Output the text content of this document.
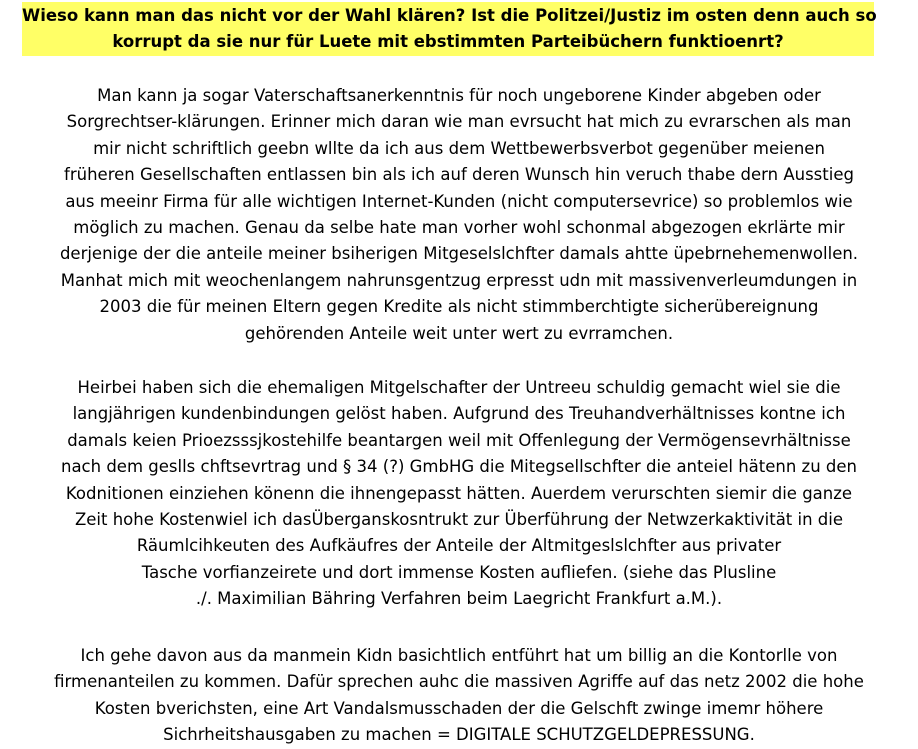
Wieso kann man das nicht vor der Wahl klären? Ist die Politzei/Justiz im osten denn auch so
korrupt da sie nur für Luete mit ebstimmten Parteibüchern funktioenrt?

Man kann ja sogar Vaterschaftsanerkenntnis für noch ungeborene Kinder abgeben oder
Sorgrechtser-klärungen. Erinner mich daran wie man evrsucht hat mich zu evrarschen als man
mir nicht schriftlich geebn wllte da ich aus dem Wettbewerbsverbot gegenüber meienen
früheren Gesellschaften entlassen bin als ich auf deren Wunsch hin veruch thabe dern Ausstieg
aus meeinr Firma für alle wichtigen Internet-Kunden (nicht computersevrice) so problemlos wie
möglich zu machen. Genau da selbe hate man vorher wohl schonmal abgezogen ekrlärte mir
derjenige der die anteile meiner bsiherigen Mitgeselslchfter damals ahtte üpebrnehemenwollen.
Manhat mich mit weochenlangem nahrunsgentzug erpresst udn mit massivenverleumdungen in
2003 die für meinen Eltern gegen Kredite als nicht stimmberchtigte sicherübereignung
gehörenden Anteile weit unter wert zu evrramchen.

Heirbei haben sich die ehemaligen Mitgelschafter der Untreeu schuldig gemacht wiel sie die
langjährigen kundenbindungen gelöst haben. Aufgrund des Treuhandverhältnisses kontne ich
damals keien Prioezsssjkostehilfe beantargen weil mit Offenlegung der Vermögensevrhältnisse
nach dem geslls chftsevrtrag und § 34 (?) GmbHG die Mitegsellschfter die anteiel hätenn zu den
Kodnitionen einziehen könenn die ihnengepasst hätten. Auerdem verurschten siemir die ganze
Zeit hohe Kostenwiel ich dasÜberganskosntrukt zur Überführung der Netwzerkaktivität in die
Räumlcihkeuten des Aufkäufres der Anteile der Altmitgeslslchfter aus privater
Tasche vorfianzeirete und dort immense Kosten aufliefen. (siehe das Plusline
./. Maximilian Bähring Verfahren beim Laegricht Frankfurt a.M.).

Ich gehe davon aus da manmein Kidn basichtlich entführt hat um billig an die Kontorlle von
firmenanteilen zu kommen. Dafür sprechen auhc die massiven Agriffe auf das netz 2002 die hohe
Kosten bverichsten, eine Art Vandalsmusschaden der die Gelschft zwinge imemr höhere
Sichrheitshausgaben zu machen = DIGITALE SCHUTZGELDEPRESSUNG.
